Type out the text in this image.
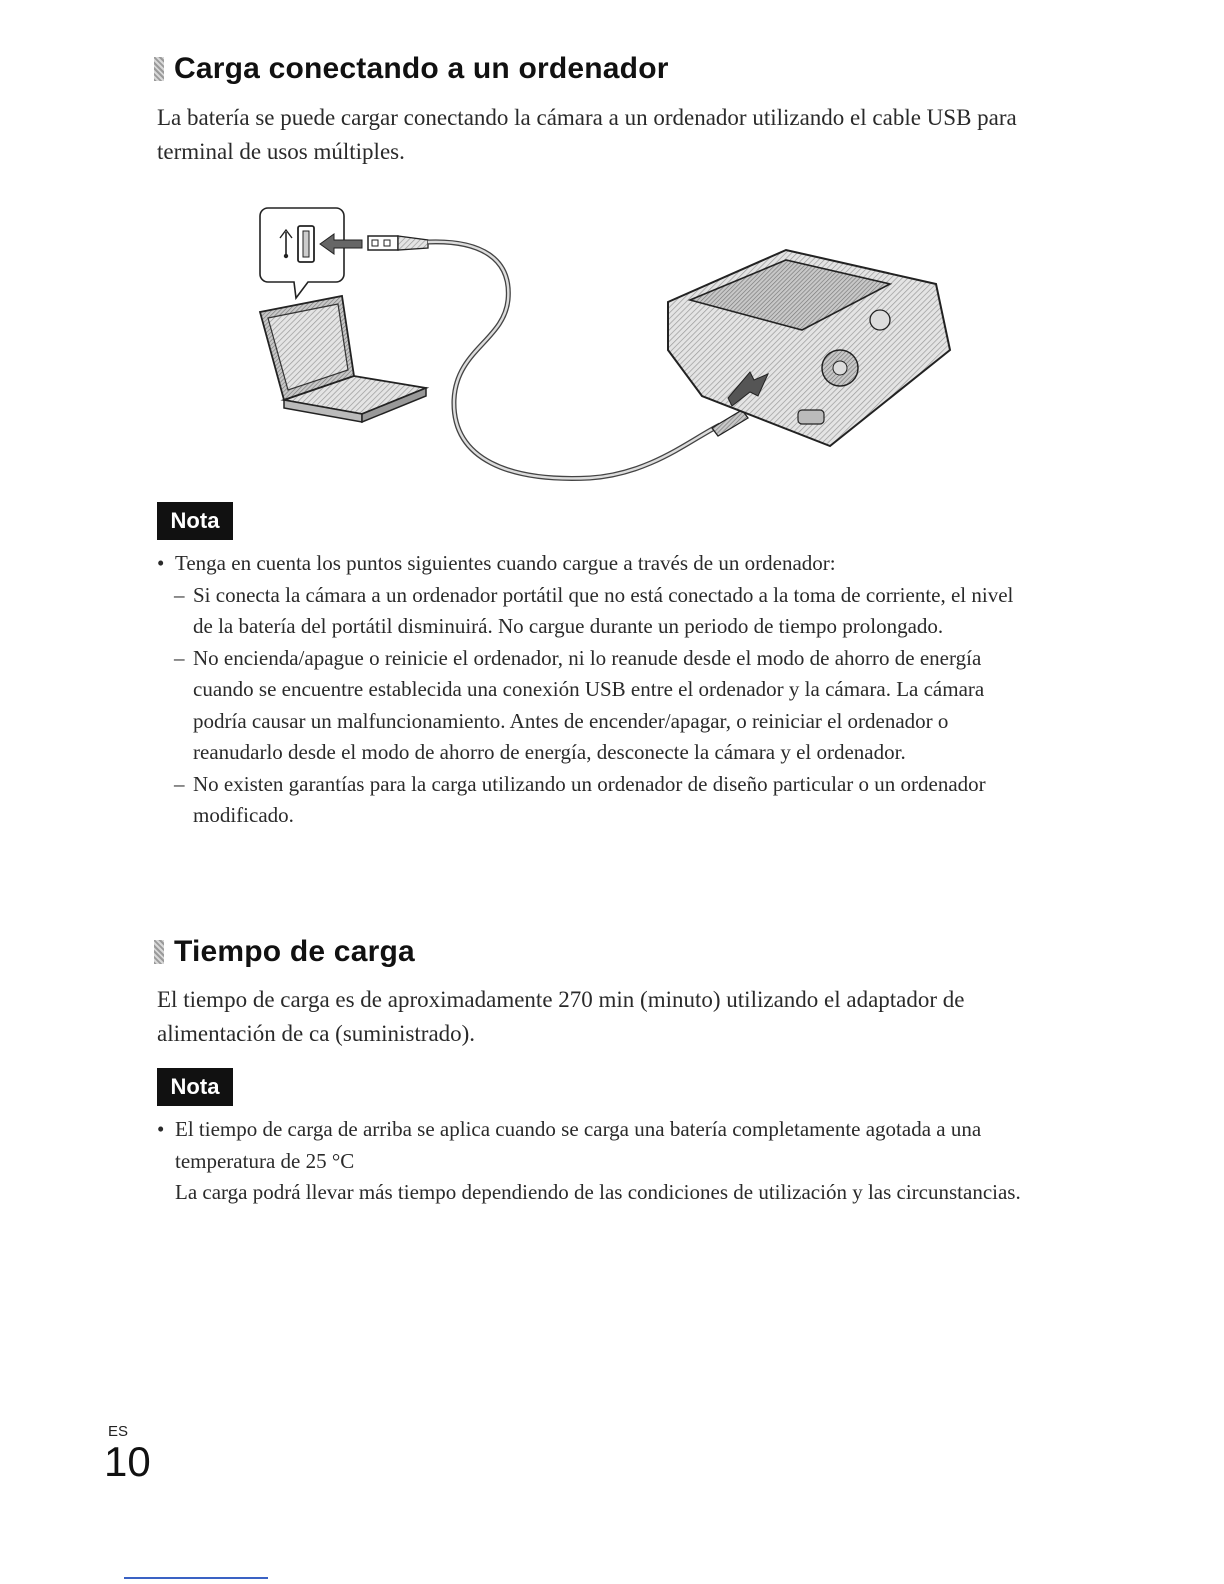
Carga conectando a un ordenador

La batería se puede cargar conectando la cámara a un ordenador utilizando el cable USB para terminal de usos múltiples.

Nota
• Tenga en cuenta los puntos siguientes cuando cargue a través de un ordenador:
– Si conecta la cámara a un ordenador portátil que no está conectado a la toma de corriente, el nivel de la batería del portátil disminuirá. No cargue durante un periodo de tiempo prolongado.
– No encienda/apague o reinicie el ordenador, ni lo reanude desde el modo de ahorro de energía cuando se encuentre establecida una conexión USB entre el ordenador y la cámara. La cámara podría causar un malfuncionamiento. Antes de encender/apagar, o reiniciar el ordenador o reanudarlo desde el modo de ahorro de energía, desconecte la cámara y el ordenador.
– No existen garantías para la carga utilizando un ordenador de diseño particular o un ordenador modificado.
Tiempo de carga

El tiempo de carga es de aproximadamente 270 min (minuto) utilizando el adaptador de alimentación de ca (suministrado).

Nota
• El tiempo de carga de arriba se aplica cuando se carga una batería completamente agotada a una temperatura de 25 °C
La carga podrá llevar más tiempo dependiendo de las condiciones de utilización y las circunstancias.

ES

10
